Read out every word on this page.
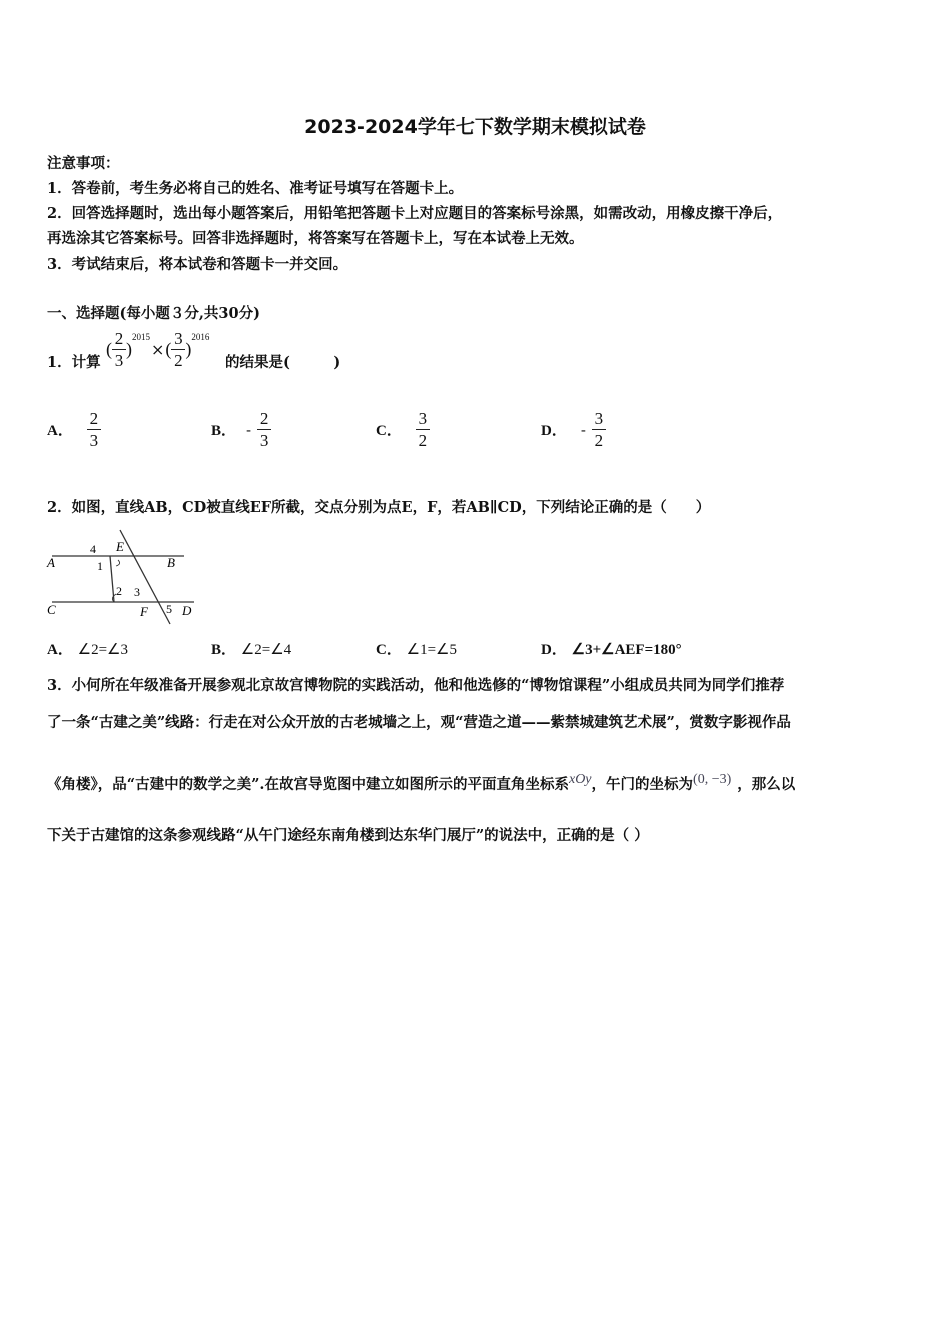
2023-2024学年七下数学期末模拟试卷
注意事项：
1．答卷前，考生务必将自己的姓名、准考证号填写在答题卡上。
2．回答选择题时，选出每小题答案后，用铅笔把答题卡上对应题目的答案标号涂黑，如需改动，用橡皮擦干净后，
再选涂其它答案标号。回答非选择题时，将答案写在答题卡上，写在本试卷上无效。
3．考试结束后，将本试卷和答题卡一并交回。
一、选择题(每小题３分,共30分)
1．计算
( $\frac{2}{3}$ )
2015
× ( $\frac{3}{2}$ )
2016
的结果是(　　　)
A． $\frac{2}{3}$	B． - $\frac{2}{3}$	C． $\frac{3}{2}$	D． - $\frac{3}{2}$
2．如图，直线AB，CD被直线EF所截，交点分别为点E，F，若AB∥CD，下列结论正确的是（　　）
A	B
C	D
E
F
4
1
2 3
5
A． ∠2=∠3	B． ∠2=∠4	C． ∠1=∠5	D． ∠3+∠AEF=180°
3．小何所在年级准备开展参观北京故宫博物院的实践活动，他和他选修的“博物馆课程”小组成员共同为同学们推荐
了一条“古建之美”线路：行走在对公众开放的古老城墙之上，观“营造之道——紫禁城建筑艺术展”，赏数字影视作品
《角楼》，品“古建中的数学之美”.在故宫导览图中建立如图所示的平面直角坐标系 xOy ，午门的坐标为 (0, −3) ，那么以
下关于古建馆的这条参观线路“从午门途经东南角楼到达东华门展厅”的说法中，正确的是（ ）
